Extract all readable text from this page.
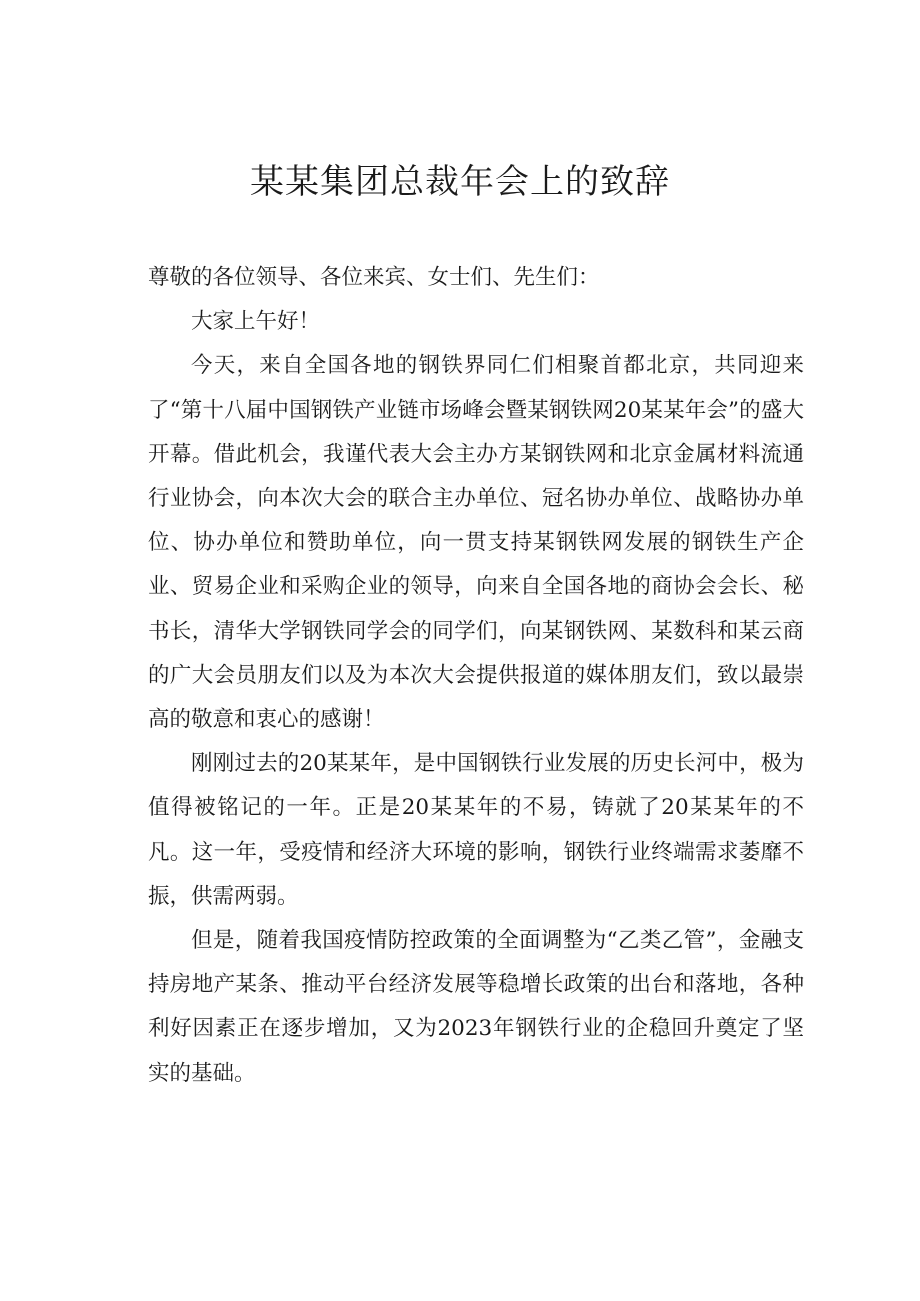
某某集团总裁年会上的致辞

尊敬的各位领导、各位来宾、女士们、先生们：

大家上午好！

今天，来自全国各地的钢铁界同仁们相聚首都北京，共同迎来了“第十八届中国钢铁产业链市场峰会暨某钢铁网20某某年会”的盛大开幕。借此机会，我谨代表大会主办方某钢铁网和北京金属材料流通行业协会，向本次大会的联合主办单位、冠名协办单位、战略协办单位、协办单位和赞助单位，向一贯支持某钢铁网发展的钢铁生产企业、贸易企业和采购企业的领导，向来自全国各地的商协会会长、秘书长，清华大学钢铁同学会的同学们，向某钢铁网、某数科和某云商的广大会员朋友们以及为本次大会提供报道的媒体朋友们，致以最崇高的敬意和衷心的感谢！

刚刚过去的20某某年，是中国钢铁行业发展的历史长河中，极为值得被铭记的一年。正是20某某年的不易，铸就了20某某年的不凡。这一年，受疫情和经济大环境的影响，钢铁行业终端需求萎靡不振，供需两弱。

但是，随着我国疫情防控政策的全面调整为“乙类乙管”，金融支持房地产某条、推动平台经济发展等稳增长政策的出台和落地，各种利好因素正在逐步增加，又为2023年钢铁行业的企稳回升奠定了坚实的基础。
